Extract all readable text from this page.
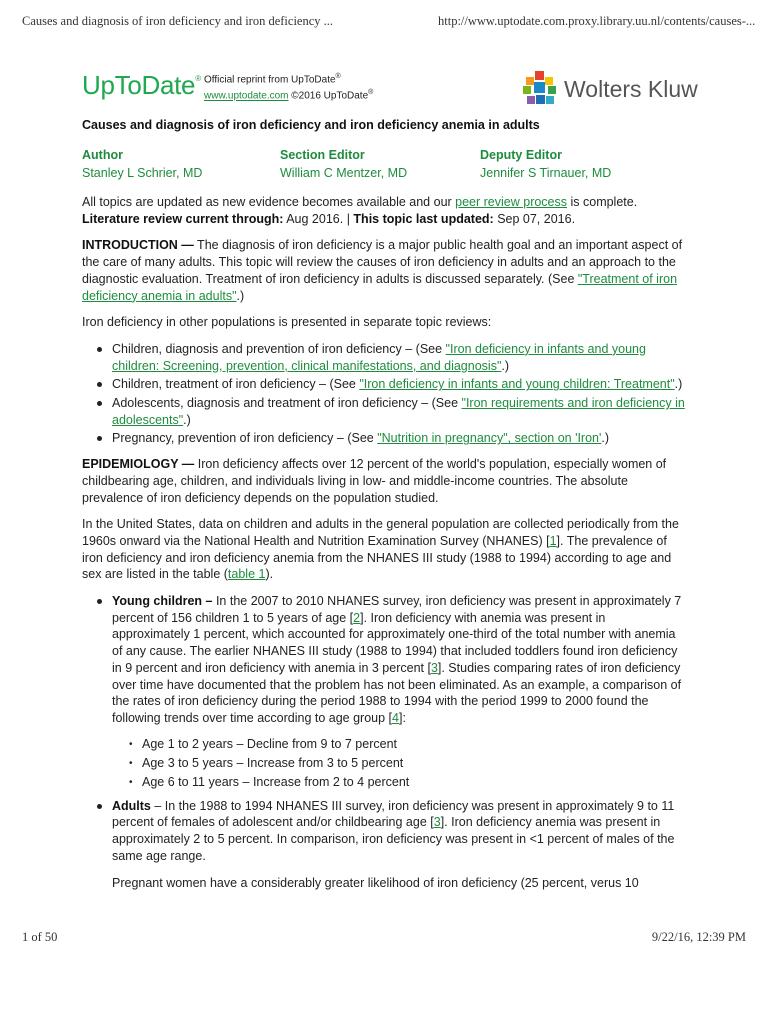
Causes and diagnosis of iron deficiency and iron deficiency ...	http://www.uptodate.com.proxy.library.uu.nl/contents/causes-...
UpToDate® Official reprint from UpToDate®
www.uptodate.com ©2016 UpToDate®	Wolters Kluw
Causes and diagnosis of iron deficiency and iron deficiency anemia in adults
Author
Stanley L Schrier, MD
Section Editor
William C Mentzer, MD
Deputy Editor
Jennifer S Tirnauer, MD

All topics are updated as new evidence becomes available and our peer review process is complete.
Literature review current through: Aug 2016. | This topic last updated: Sep 07, 2016.

INTRODUCTION — The diagnosis of iron deficiency is a major public health goal and an important aspect of the care of many adults. This topic will review the causes of iron deficiency in adults and an approach to the diagnostic evaluation. Treatment of iron deficiency in adults is discussed separately. (See "Treatment of iron deficiency anemia in adults".)

Iron deficiency in other populations is presented in separate topic reviews:

Children, diagnosis and prevention of iron deficiency – (See "Iron deficiency in infants and young children: Screening, prevention, clinical manifestations, and diagnosis".)
Children, treatment of iron deficiency – (See "Iron deficiency in infants and young children: Treatment".)
Adolescents, diagnosis and treatment of iron deficiency – (See "Iron requirements and iron deficiency in adolescents".)
Pregnancy, prevention of iron deficiency – (See "Nutrition in pregnancy", section on 'Iron'.)

EPIDEMIOLOGY — Iron deficiency affects over 12 percent of the world's population, especially women of childbearing age, children, and individuals living in low- and middle-income countries. The absolute prevalence of iron deficiency depends on the population studied.

In the United States, data on children and adults in the general population are collected periodically from the 1960s onward via the National Health and Nutrition Examination Survey (NHANES) [1]. The prevalence of iron deficiency and iron deficiency anemia from the NHANES III study (1988 to 1994) according to age and sex are listed in the table (table 1).

Young children – In the 2007 to 2010 NHANES survey, iron deficiency was present in approximately 7 percent of 156 children 1 to 5 years of age [2]. Iron deficiency with anemia was present in approximately 1 percent, which accounted for approximately one-third of the total number with anemia of any cause. The earlier NHANES III study (1988 to 1994) that included toddlers found iron deficiency in 9 percent and iron deficiency with anemia in 3 percent [3]. Studies comparing rates of iron deficiency over time have documented that the problem has not been eliminated. As an example, a comparison of the rates of iron deficiency during the period 1988 to 1994 with the period 1999 to 2000 found the following trends over time according to age group [4]:
• Age 1 to 2 years – Decline from 9 to 7 percent
• Age 3 to 5 years – Increase from 3 to 5 percent
• Age 6 to 11 years – Increase from 2 to 4 percent
Adults – In the 1988 to 1994 NHANES III survey, iron deficiency was present in approximately 9 to 11 percent of females of adolescent and/or childbearing age [3]. Iron deficiency anemia was present in approximately 2 to 5 percent. In comparison, iron deficiency was present in <1 percent of males of the same age range.
Pregnant women have a considerably greater likelihood of iron deficiency (25 percent, verus 10
1 of 50	9/22/16, 12:39 PM
